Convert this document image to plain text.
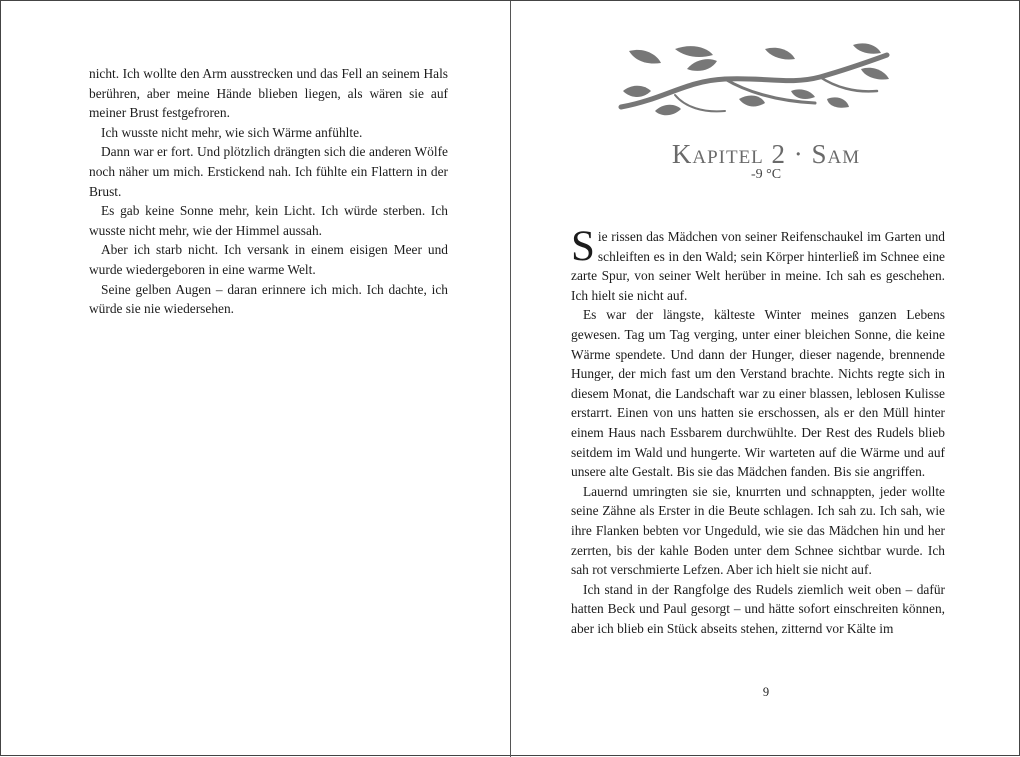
nicht. Ich wollte den Arm ausstrecken und das Fell an seinem Hals berühren, aber meine Hände blieben liegen, als wären sie auf meiner Brust festgefroren.

Ich wusste nicht mehr, wie sich Wärme anfühlte.

Dann war er fort. Und plötzlich drängten sich die anderen Wölfe noch näher um mich. Erstickend nah. Ich fühlte ein Flattern in der Brust.

Es gab keine Sonne mehr, kein Licht. Ich würde sterben. Ich wusste nicht mehr, wie der Himmel aussah.

Aber ich starb nicht. Ich versank in einem eisigen Meer und wurde wiedergeboren in eine warme Welt.

Seine gelben Augen – daran erinnere ich mich. Ich dachte, ich würde sie nie wiedersehen.

Kapitel 2 · Sam
-9 °C

Sie rissen das Mädchen von seiner Reifenschaukel im Garten und schleiften es in den Wald; sein Körper hinterließ im Schnee eine zarte Spur, von seiner Welt herüber in meine. Ich sah es geschehen. Ich hielt sie nicht auf.

Es war der längste, kälteste Winter meines ganzen Lebens gewesen. Tag um Tag verging, unter einer bleichen Sonne, die keine Wärme spendete. Und dann der Hunger, dieser nagende, brennende Hunger, der mich fast um den Verstand brachte. Nichts regte sich in diesem Monat, die Landschaft war zu einer blassen, leblosen Kulisse erstarrt. Einen von uns hatten sie erschossen, als er den Müll hinter einem Haus nach Essbarem durchwühlte. Der Rest des Rudels blieb seitdem im Wald und hungerte. Wir warteten auf die Wärme und auf unsere alte Gestalt. Bis sie das Mädchen fanden. Bis sie angriffen.

Lauernd umringten sie sie, knurrten und schnappten, jeder wollte seine Zähne als Erster in die Beute schlagen. Ich sah zu. Ich sah, wie ihre Flanken bebten vor Ungeduld, wie sie das Mädchen hin und her zerrten, bis der kahle Boden unter dem Schnee sichtbar wurde. Ich sah rot verschmierte Lefzen. Aber ich hielt sie nicht auf.

Ich stand in der Rangfolge des Rudels ziemlich weit oben – dafür hatten Beck und Paul gesorgt – und hätte sofort einschreiten können, aber ich blieb ein Stück abseits stehen, zitternd vor Kälte im

9
